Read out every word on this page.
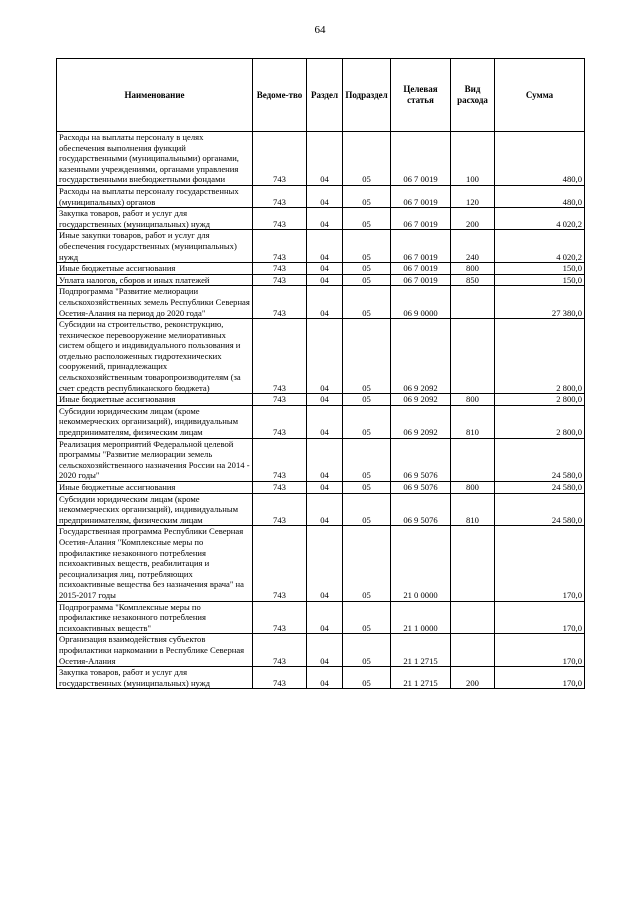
64
Наименование	Ведоме-тво	Раздел	Подраздел	Целевая статья	Вид расхода	Сумма
Расходы на выплаты персоналу в целях обеспечения выполнения функций государственными (муниципальными) органами, казенными учреждениями, органами управления государственными внебюджетными фондами	743	04	05	06 7 0019	100	480,0
Расходы на выплаты персоналу государственных (муниципальных) органов	743	04	05	06 7 0019	120	480,0
Закупка товаров, работ и услуг для государственных (муниципальных) нужд	743	04	05	06 7 0019	200	4 020,2
Иные закупки товаров, работ и услуг для обеспечения государственных (муниципальных) нужд	743	04	05	06 7 0019	240	4 020,2
Иные бюджетные ассигнования	743	04	05	06 7 0019	800	150,0
Уплата налогов, сборов и иных платежей	743	04	05	06 7 0019	850	150,0
Подпрограмма "Развитие мелиорации сельскохозяйственных земель Республики Северная Осетия-Алания на период до 2020 года"	743	04	05	06 9 0000		27 380,0
Субсидии на строительство, реконструкцию, техническое перевооружение мелиоративных систем общего и индивидуального пользования и отдельно расположенных гидротехнических сооружений, принадлежащих сельскохозяйственным товаропроизводителям (за счет средств республиканского бюджета)	743	04	05	06 9 2092		2 800,0
Иные бюджетные ассигнования	743	04	05	06 9 2092	800	2 800,0
Субсидии юридическим лицам (кроме некоммерческих организаций), индивидуальным предпринимателям, физическим лицам	743	04	05	06 9 2092	810	2 800,0
Реализация мероприятий Федеральной целевой программы "Развитие мелиорации земель сельскохозяйственного назначения России на 2014 - 2020 годы"	743	04	05	06 9 5076		24 580,0
Иные бюджетные ассигнования	743	04	05	06 9 5076	800	24 580,0
Субсидии юридическим лицам (кроме некоммерческих организаций), индивидуальным предпринимателям, физическим лицам	743	04	05	06 9 5076	810	24 580,0
Государственная программа Республики Северная Осетия-Алания "Комплексные меры по профилактике незаконного потребления психоактивных веществ, реабилитация и ресоциализация лиц, потребляющих психоактивные вещества без назначения врача" на 2015-2017 годы	743	04	05	21 0 0000		170,0
Подпрограмма "Комплексные меры по профилактике незаконного потребления психоактивных веществ"	743	04	05	21 1 0000		170,0
Организация взаимодействия субъектов профилактики наркомании в Республике Северная Осетия-Алания	743	04	05	21 1 2715		170,0
Закупка товаров, работ и услуг для государственных (муниципальных) нужд	743	04	05	21 1 2715	200	170,0
